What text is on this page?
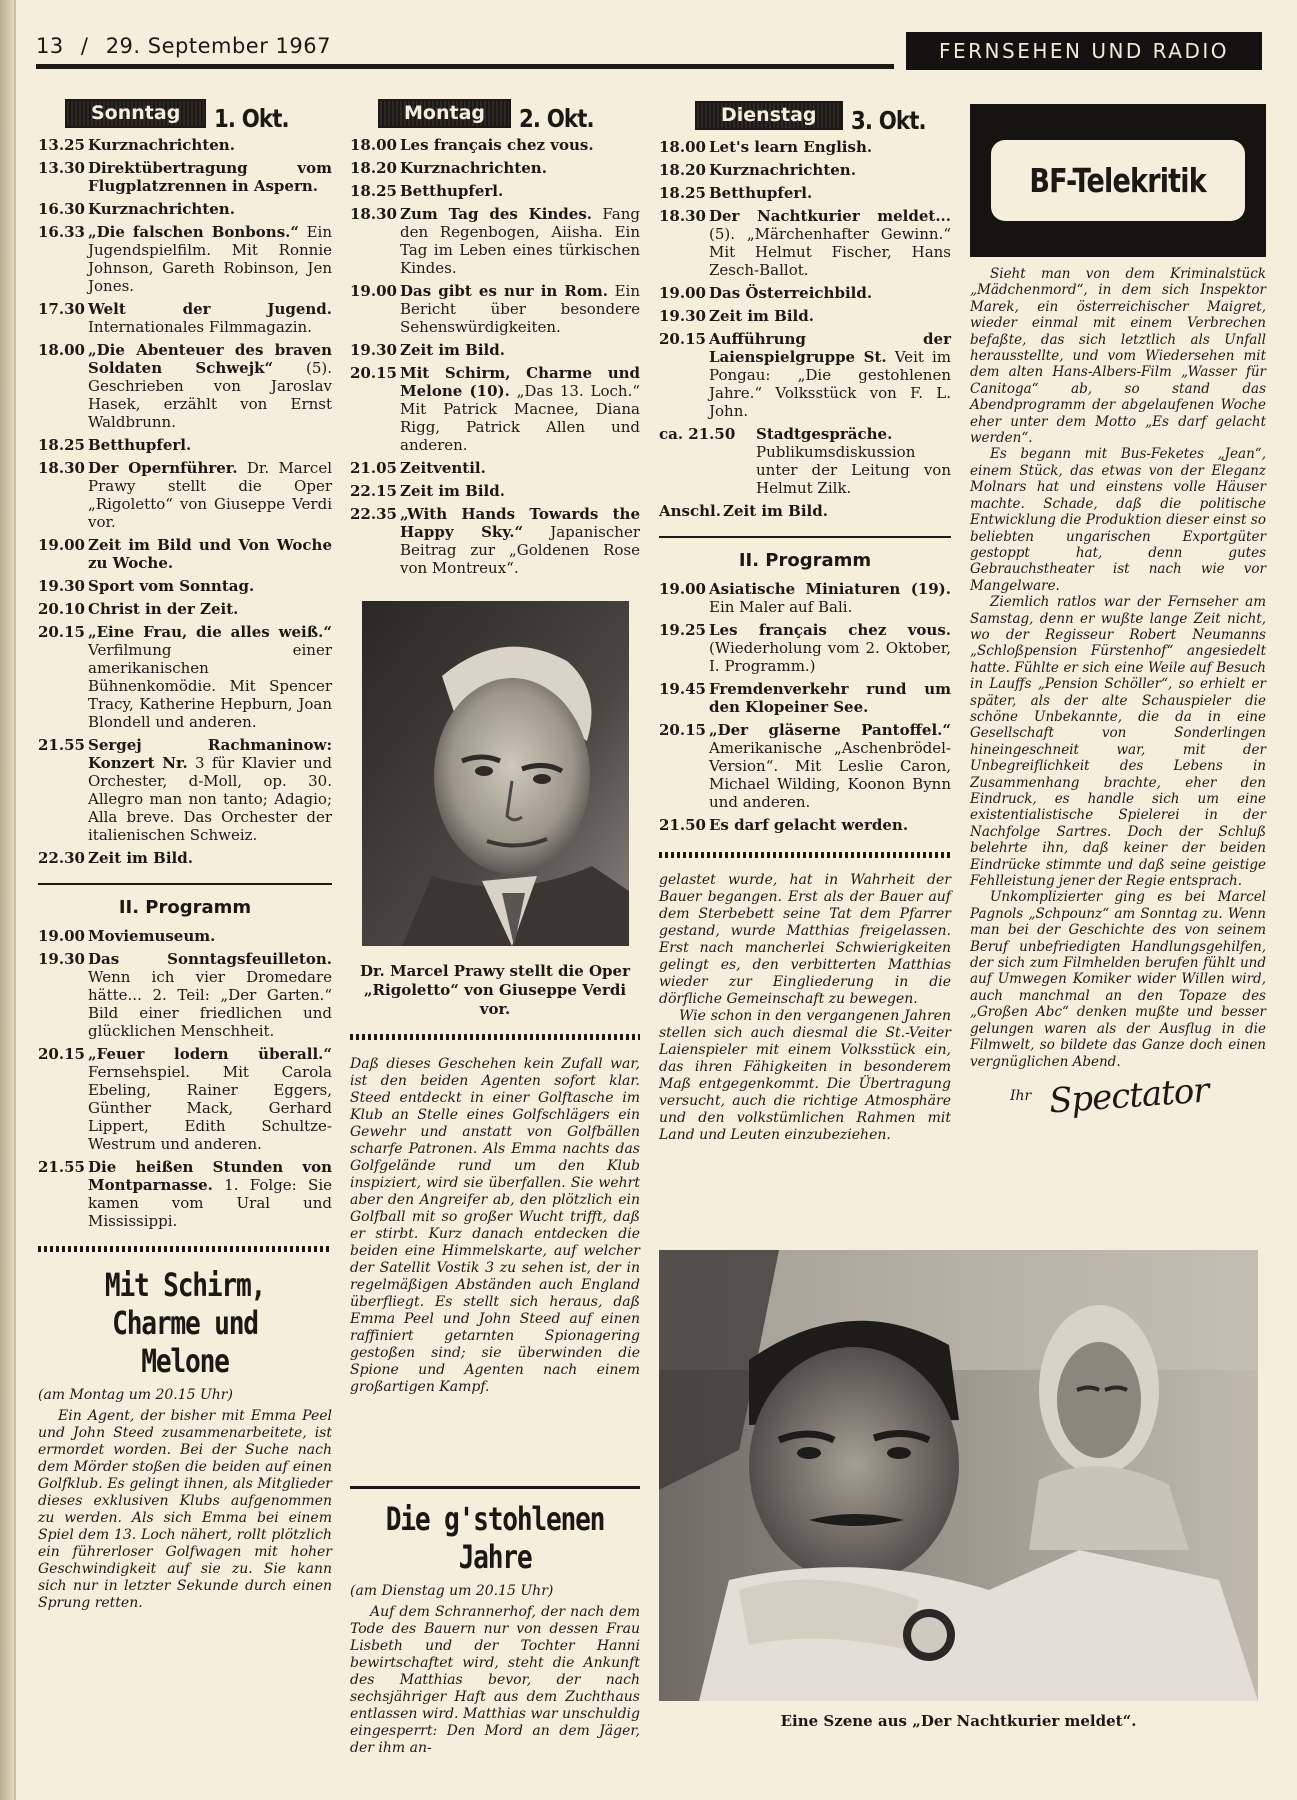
13 / 29. September 1967	FERNSEHEN UND RADIO
Sonntag	1. Okt.
13.25 Kurznachrichten.
13.30 Direktübertragung vom Flugplatzrennen in Aspern.
16.30 Kurznachrichten.
16.33 „Die falschen Bonbons.“ Ein Jugendspielfilm. Mit Ronnie Johnson, Gareth Robinson, Jen Jones.
17.30 Welt der Jugend. Internationales Filmmagazin.
18.00 „Die Abenteuer des braven Soldaten Schwejk“ (5). Geschrieben von Jaroslav Hasek, erzählt von Ernst Waldbrunn.
18.25 Betthupferl.
18.30 Der Opernführer. Dr. Marcel Prawy stellt die Oper „Rigoletto“ von Giuseppe Verdi vor.
19.00 Zeit im Bild und Von Woche zu Woche.
19.30 Sport vom Sonntag.
20.10 Christ in der Zeit.
20.15 „Eine Frau, die alles weiß.“ Verfilmung einer amerikanischen Bühnenkomödie. Mit Spencer Tracy, Katherine Hepburn, Joan Blondell und anderen.
21.55 Sergej Rachmaninow: Konzert Nr. 3 für Klavier und Orchester, d-Moll, op. 30. Allegro man non tanto; Adagio; Alla breve. Das Orchester der italienischen Schweiz.
22.30 Zeit im Bild.
II. Programm
19.00 Moviemuseum.
19.30 Das Sonntagsfeuilleton. Wenn ich vier Dromedare hätte... 2. Teil: „Der Garten.“ Bild einer friedlichen und glücklichen Menschheit.
20.15 „Feuer lodern überall.“ Fernsehspiel. Mit Carola Ebeling, Rainer Eggers, Günther Mack, Gerhard Lippert, Edith Schultze-Westrum und anderen.
21.55 Die heißen Stunden von Montparnasse. 1. Folge: Sie kamen vom Ural und Mississippi.
Mit Schirm, Charme und Melone
(am Montag um 20.15 Uhr)

Ein Agent, der bisher mit Emma Peel und John Steed zusammenarbeitete, ist ermordet worden. Bei der Suche nach dem Mörder stoßen die beiden auf einen Golfklub. Es gelingt ihnen, als Mitglieder dieses exklusiven Klubs aufgenommen zu werden. Als sich Emma bei einem Spiel dem 13. Loch nähert, rollt plötzlich ein führerloser Golfwagen mit hoher Geschwindigkeit auf sie zu. Sie kann sich nur in letzter Sekunde durch einen Sprung retten.

Montag	2. Okt.
18.00 Les français chez vous.
18.20 Kurznachrichten.
18.25 Betthupferl.
18.30 Zum Tag des Kindes. Fang den Regenbogen, Aiisha. Ein Tag im Leben eines türkischen Kindes.
19.00 Das gibt es nur in Rom. Ein Bericht über besondere Sehenswürdigkeiten.
19.30 Zeit im Bild.
20.15 Mit Schirm, Charme und Melone (10). „Das 13. Loch.“ Mit Patrick Macnee, Diana Rigg, Patrick Allen und anderen.
21.05 Zeitventil.
22.15 Zeit im Bild.
22.35 „With Hands Towards the Happy Sky.“ Japanischer Beitrag zur „Goldenen Rose von Montreux“.
Dr. Marcel Prawy stellt die Oper „Rigoletto“ von Giuseppe Verdi vor.

Daß dieses Geschehen kein Zufall war, ist den beiden Agenten sofort klar. Steed entdeckt in einer Golftasche im Klub an Stelle eines Golfschlägers ein Gewehr und anstatt von Golfbällen scharfe Patronen. Als Emma nachts das Golfgelände rund um den Klub inspiziert, wird sie überfallen. Sie wehrt aber den Angreifer ab, den plötzlich ein Golfball mit so großer Wucht trifft, daß er stirbt. Kurz danach entdecken die beiden eine Himmelskarte, auf welcher der Satellit Vostik 3 zu sehen ist, der in regelmäßigen Abständen auch England überfliegt. Es stellt sich heraus, daß Emma Peel und John Steed auf einen raffiniert getarnten Spionagering gestoßen sind; sie überwinden die Spione und Agenten nach einem großartigen Kampf.

Die g'stohlenen Jahre
(am Dienstag um 20.15 Uhr)

Auf dem Schrannerhof, der nach dem Tode des Bauern nur von dessen Frau Lisbeth und der Tochter Hanni bewirtschaftet wird, steht die Ankunft des Matthias bevor, der nach sechsjähriger Haft aus dem Zuchthaus entlassen wird. Matthias war unschuldig eingesperrt: Den Mord an dem Jäger, der ihm an-

Dienstag	3. Okt.
18.00 Let's learn English.
18.20 Kurznachrichten.
18.25 Betthupferl.
18.30 Der Nachtkurier meldet... (5). „Märchenhafter Gewinn.“ Mit Helmut Fischer, Hans Zesch-Ballot.
19.00 Das Österreichbild.
19.30 Zeit im Bild.
20.15 Aufführung der Laienspielgruppe St. Veit im Pongau: „Die gestohlenen Jahre.“ Volksstück von F. L. John.
ca. 21.50	Stadtgespräche. Publikumsdiskussion unter der Leitung von Helmut Zilk.
Anschl. Zeit im Bild.
II. Programm
19.00 Asiatische Miniaturen (19). Ein Maler auf Bali.
19.25 Les français chez vous. (Wiederholung vom 2. Oktober, I. Programm.)
19.45 Fremdenverkehr rund um den Klopeiner See.
20.15 „Der gläserne Pantoffel.“ Amerikanische „Aschenbrödel-Version“. Mit Leslie Caron, Michael Wilding, Koonon Bynn und anderen.
21.50 Es darf gelacht werden.

gelastet wurde, hat in Wahrheit der Bauer begangen. Erst als der Bauer auf dem Sterbebett seine Tat dem Pfarrer gestand, wurde Matthias freigelassen. Erst nach mancherlei Schwierigkeiten gelingt es, den verbitterten Matthias wieder zur Eingliederung in die dörfliche Gemeinschaft zu bewegen.

Wie schon in den vergangenen Jahren stellen sich auch diesmal die St.-Veiter Laienspieler mit einem Volksstück ein, das ihren Fähigkeiten in besonderem Maß entgegenkommt. Die Übertragung versucht, auch die richtige Atmosphäre und den volkstümlichen Rahmen mit Land und Leuten einzubeziehen.

BF-Telekritik

Sieht man von dem Kriminalstück „Mädchenmord“, in dem sich Inspektor Marek, ein österreichischer Maigret, wieder einmal mit einem Verbrechen befaßte, das sich letztlich als Unfall herausstellte, und vom Wiedersehen mit dem alten Hans-Albers-Film „Wasser für Canitoga“ ab, so stand das Abendprogramm der abgelaufenen Woche eher unter dem Motto „Es darf gelacht werden“.

Es begann mit Bus-Feketes „Jean“, einem Stück, das etwas von der Eleganz Molnars hat und einstens volle Häuser machte. Schade, daß die politische Entwicklung die Produktion dieser einst so beliebten ungarischen Exportgüter gestoppt hat, denn gutes Gebrauchstheater ist nach wie vor Mangelware.

Ziemlich ratlos war der Fernseher am Samstag, denn er wußte lange Zeit nicht, wo der Regisseur Robert Neumanns „Schloßpension Fürstenhof“ angesiedelt hatte. Fühlte er sich eine Weile auf Besuch in Lauffs „Pension Schöller“, so erhielt er später, als der alte Schauspieler die schöne Unbekannte, die da in eine Gesellschaft von Sonderlingen hineingeschneit war, mit der Unbegreiflichkeit des Lebens in Zusammenhang brachte, eher den Eindruck, es handle sich um eine existentialistische Spielerei in der Nachfolge Sartres. Doch der Schluß belehrte ihn, daß keiner der beiden Eindrücke stimmte und daß seine geistige Fehlleistung jener der Regie entsprach.

Unkomplizierter ging es bei Marcel Pagnols „Schpounz“ am Sonntag zu. Wenn man bei der Geschichte des von seinem Beruf unbefriedigten Handlungsgehilfen, der sich zum Filmhelden berufen fühlt und auf Umwegen Komiker wider Willen wird, auch manchmal an den Topaze des „Großen Abc“ denken mußte und besser gelungen waren als der Ausflug in die Filmwelt, so bildete das Ganze doch einen vergnüglichen Abend.

Ihr Spectator
Eine Szene aus „Der Nachtkurier meldet“.
